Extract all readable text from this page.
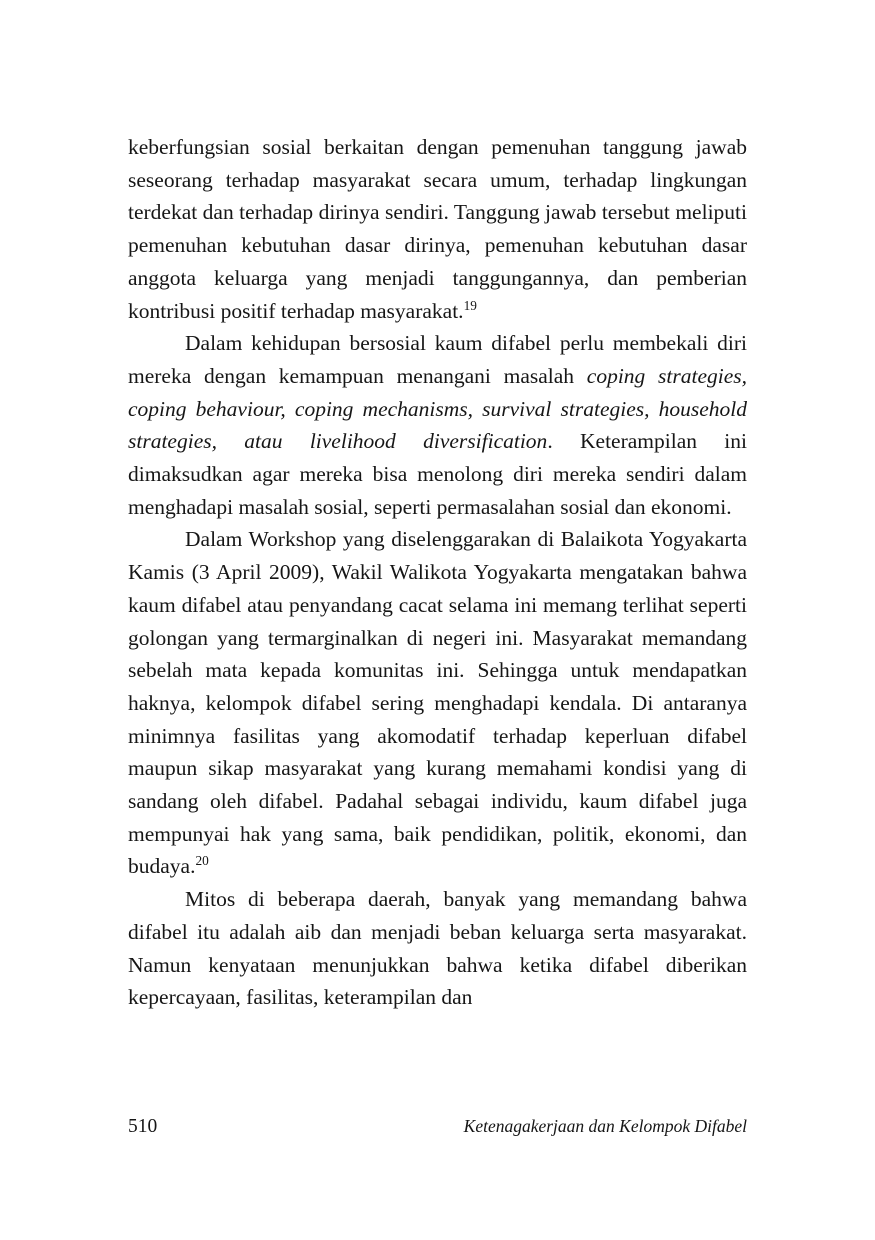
keberfungsian sosial berkaitan dengan pemenuhan tanggung jawab seseorang terhadap masyarakat secara umum, terhadap lingkungan terdekat dan terhadap dirinya sendiri. Tanggung jawab tersebut meliputi pemenuhan kebutuhan dasar dirinya, pemenuhan kebutuhan dasar anggota keluarga yang menjadi tanggungannya, dan pemberian kontribusi positif terhadap masyarakat.$^{19}$

Dalam kehidupan bersosial kaum difabel perlu membekali diri mereka dengan kemampuan menangani masalah coping strategies, coping behaviour, coping mechanisms, survival strategies, household strategies, atau livelihood diversification. Keterampilan ini dimaksudkan agar mereka bisa menolong diri mereka sendiri dalam menghadapi masalah sosial, seperti permasalahan sosial dan ekonomi.

Dalam Workshop yang diselenggarakan di Balaikota Yogyakarta Kamis (3 April 2009), Wakil Walikota Yogyakarta mengatakan bahwa kaum difabel atau penyandang cacat selama ini memang terlihat seperti golongan yang termarginalkan di negeri ini. Masyarakat memandang sebelah mata kepada komunitas ini. Sehingga untuk mendapatkan haknya, kelompok difabel sering menghadapi kendala. Di antaranya minimnya fasilitas yang akomodatif terhadap keperluan difabel maupun sikap masyarakat yang kurang memahami kondisi yang di sandang oleh difabel. Padahal sebagai individu, kaum difabel juga mempunyai hak yang sama, baik pendidikan, politik, ekonomi, dan budaya.$^{20}$

Mitos di beberapa daerah, banyak yang memandang bahwa difabel itu adalah aib dan menjadi beban keluarga serta masyarakat. Namun kenyataan menunjukkan bahwa ketika difabel diberikan kepercayaan, fasilitas, keterampilan dan

510	Ketenagakerjaan dan Kelompok Difabel
